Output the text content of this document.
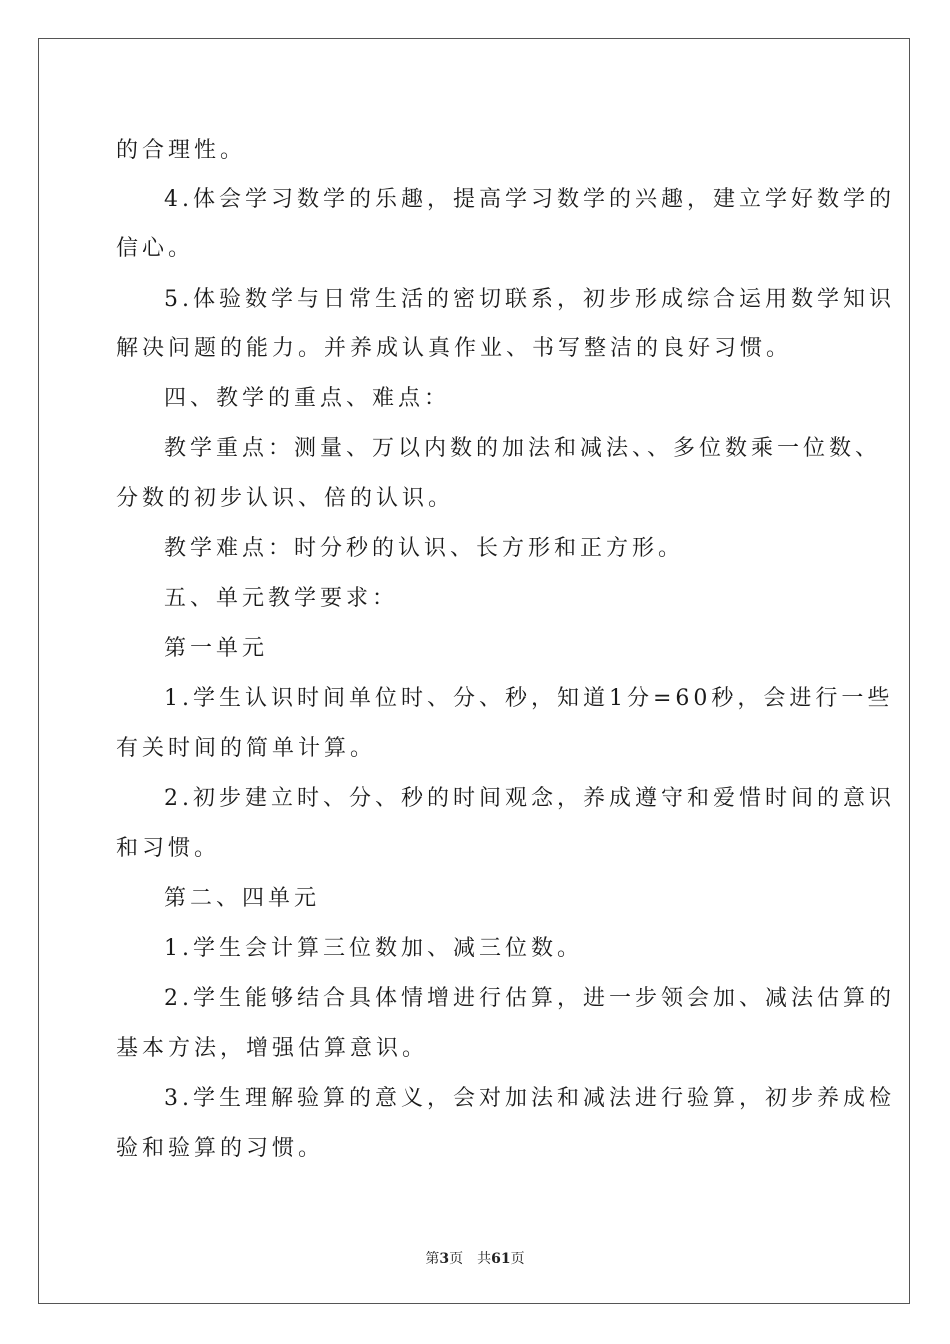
的合理性。
4.体会学习数学的乐趣，提高学习数学的兴趣，建立学好数学的
信心。
5.体验数学与日常生活的密切联系，初步形成综合运用数学知识
解决问题的能力。并养成认真作业、书写整洁的良好习惯。
四、教学的重点、难点：
教学重点：测量、万以内数的加法和减法、、多位数乘一位数、
分数的初步认识、倍的认识。
教学难点：时分秒的认识、长方形和正方形。
五、单元教学要求：
第一单元
1.学生认识时间单位时、分、秒，知道1分=60秒，会进行一些
有关时间的简单计算。
2.初步建立时、分、秒的时间观念，养成遵守和爱惜时间的意识
和习惯。
第二、四单元
1.学生会计算三位数加、减三位数。
2.学生能够结合具体情增进行估算，进一步领会加、减法估算的
基本方法，增强估算意识。
3.学生理解验算的意义，会对加法和减法进行验算，初步养成检
验和验算的习惯。
第3页 共61页
